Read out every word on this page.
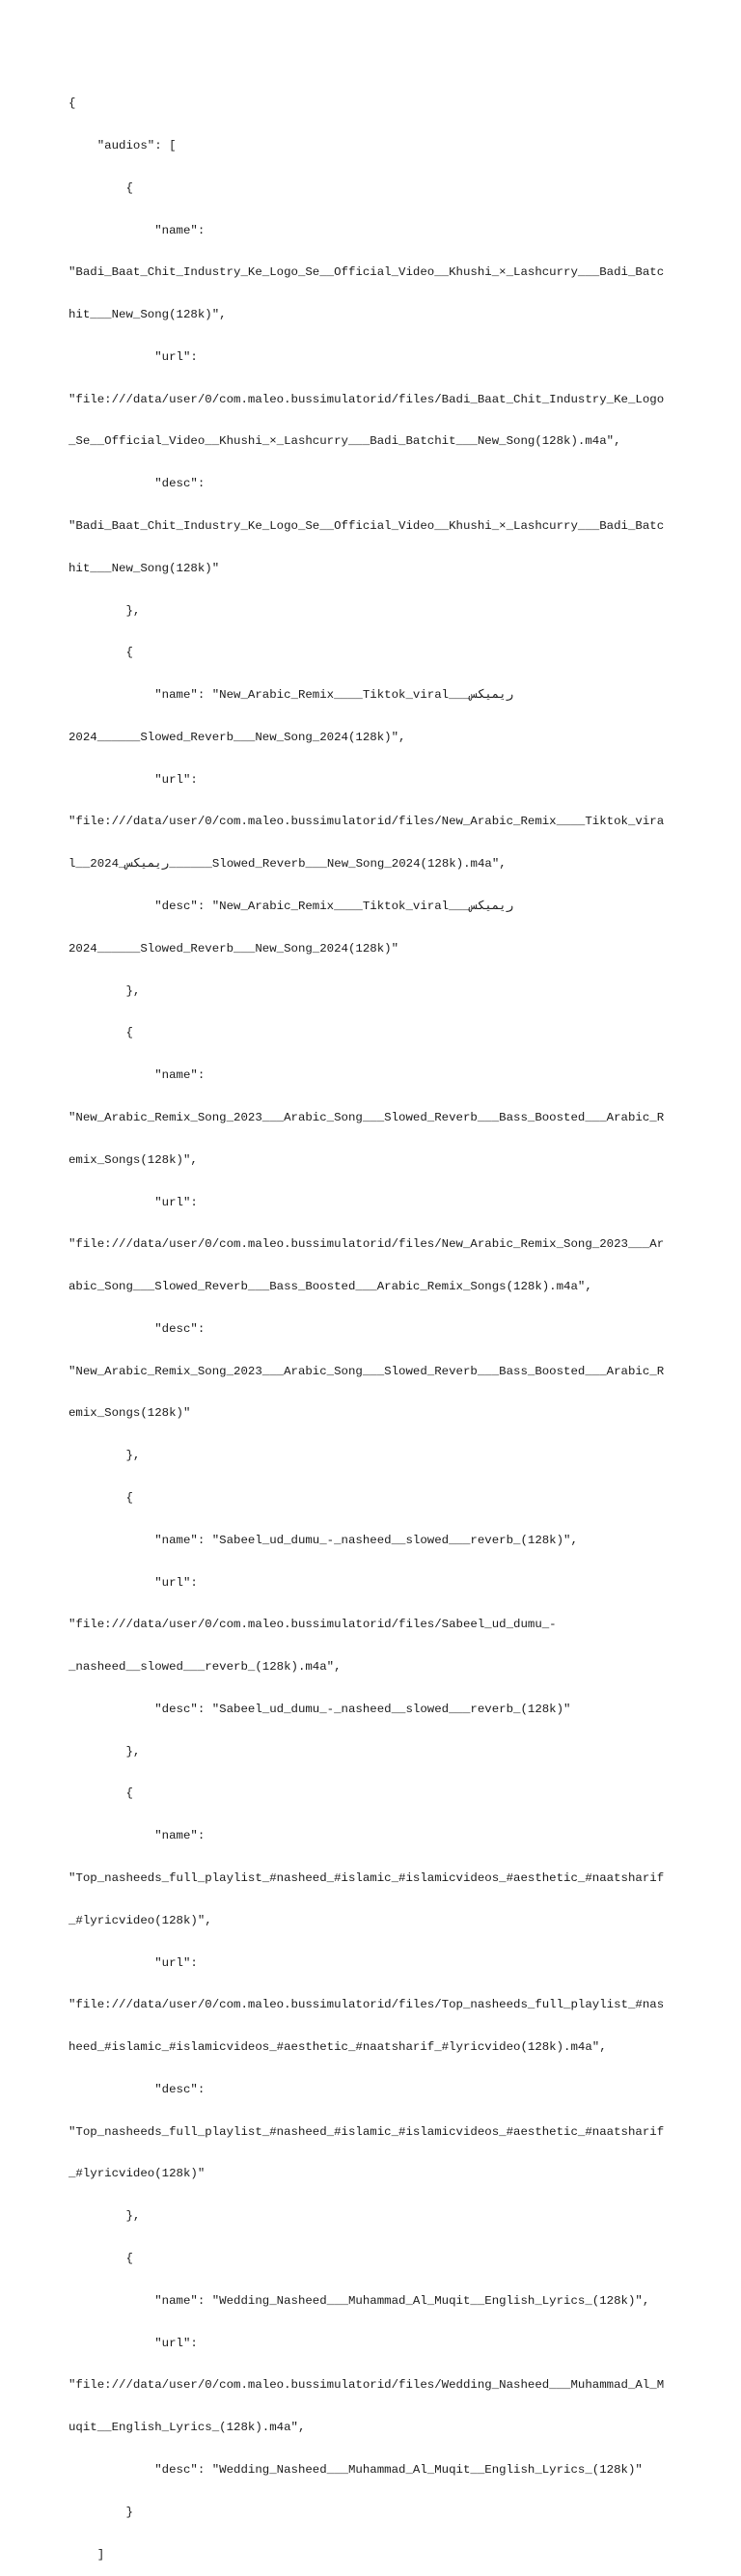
{

"audios": [

{

"name":

"Badi_Baat_Chit_Industry_Ke_Logo_Se__Official_Video__Khushi_×_Lashcurry___Badi_Batc

hit___New_Song(128k)",

"url":

"file:///data/user/0/com.maleo.bussimulatorid/files/Badi_Baat_Chit_Industry_Ke_Logo

_Se__Official_Video__Khushi_×_Lashcurry___Badi_Batchit___New_Song(128k).m4a",

"desc":

"Badi_Baat_Chit_Industry_Ke_Logo_Se__Official_Video__Khushi_×_Lashcurry___Badi_Batc

hit___New_Song(128k)"

},

{

"name": "New_Arabic_Remix____Tiktok_viral___ريميكس

2024______Slowed_Reverb___New_Song_2024(128k)",

"url":

"file:///data/user/0/com.maleo.bussimulatorid/files/New_Arabic_Remix____Tiktok_vira

l__2024_ريميكس______Slowed_Reverb___New_Song_2024(128k).m4a",

"desc": "New_Arabic_Remix____Tiktok_viral___ريميكس

2024______Slowed_Reverb___New_Song_2024(128k)"

},

{

"name":

"New_Arabic_Remix_Song_2023___Arabic_Song___Slowed_Reverb___Bass_Boosted___Arabic_R

emix_Songs(128k)",

"url":

"file:///data/user/0/com.maleo.bussimulatorid/files/New_Arabic_Remix_Song_2023___Ar

abic_Song___Slowed_Reverb___Bass_Boosted___Arabic_Remix_Songs(128k).m4a",

"desc":

"New_Arabic_Remix_Song_2023___Arabic_Song___Slowed_Reverb___Bass_Boosted___Arabic_R

emix_Songs(128k)"

},

{

"name": "Sabeel_ud_dumu_-_nasheed__slowed___reverb_(128k)",

"url":

"file:///data/user/0/com.maleo.bussimulatorid/files/Sabeel_ud_dumu_-

_nasheed__slowed___reverb_(128k).m4a",

"desc": "Sabeel_ud_dumu_-_nasheed__slowed___reverb_(128k)"

},

{

"name":

"Top_nasheeds_full_playlist_#nasheed_#islamic_#islamicvideos_#aesthetic_#naatsharif

_#lyricvideo(128k)",

"url":

"file:///data/user/0/com.maleo.bussimulatorid/files/Top_nasheeds_full_playlist_#nas

heed_#islamic_#islamicvideos_#aesthetic_#naatsharif_#lyricvideo(128k).m4a",

"desc":

"Top_nasheeds_full_playlist_#nasheed_#islamic_#islamicvideos_#aesthetic_#naatsharif

_#lyricvideo(128k)"

},

{

"name": "Wedding_Nasheed___Muhammad_Al_Muqit__English_Lyrics_(128k)",

"url":

"file:///data/user/0/com.maleo.bussimulatorid/files/Wedding_Nasheed___Muhammad_Al_M

uqit__English_Lyrics_(128k).m4a",

"desc": "Wedding_Nasheed___Muhammad_Al_Muqit__English_Lyrics_(128k)"

}

]
